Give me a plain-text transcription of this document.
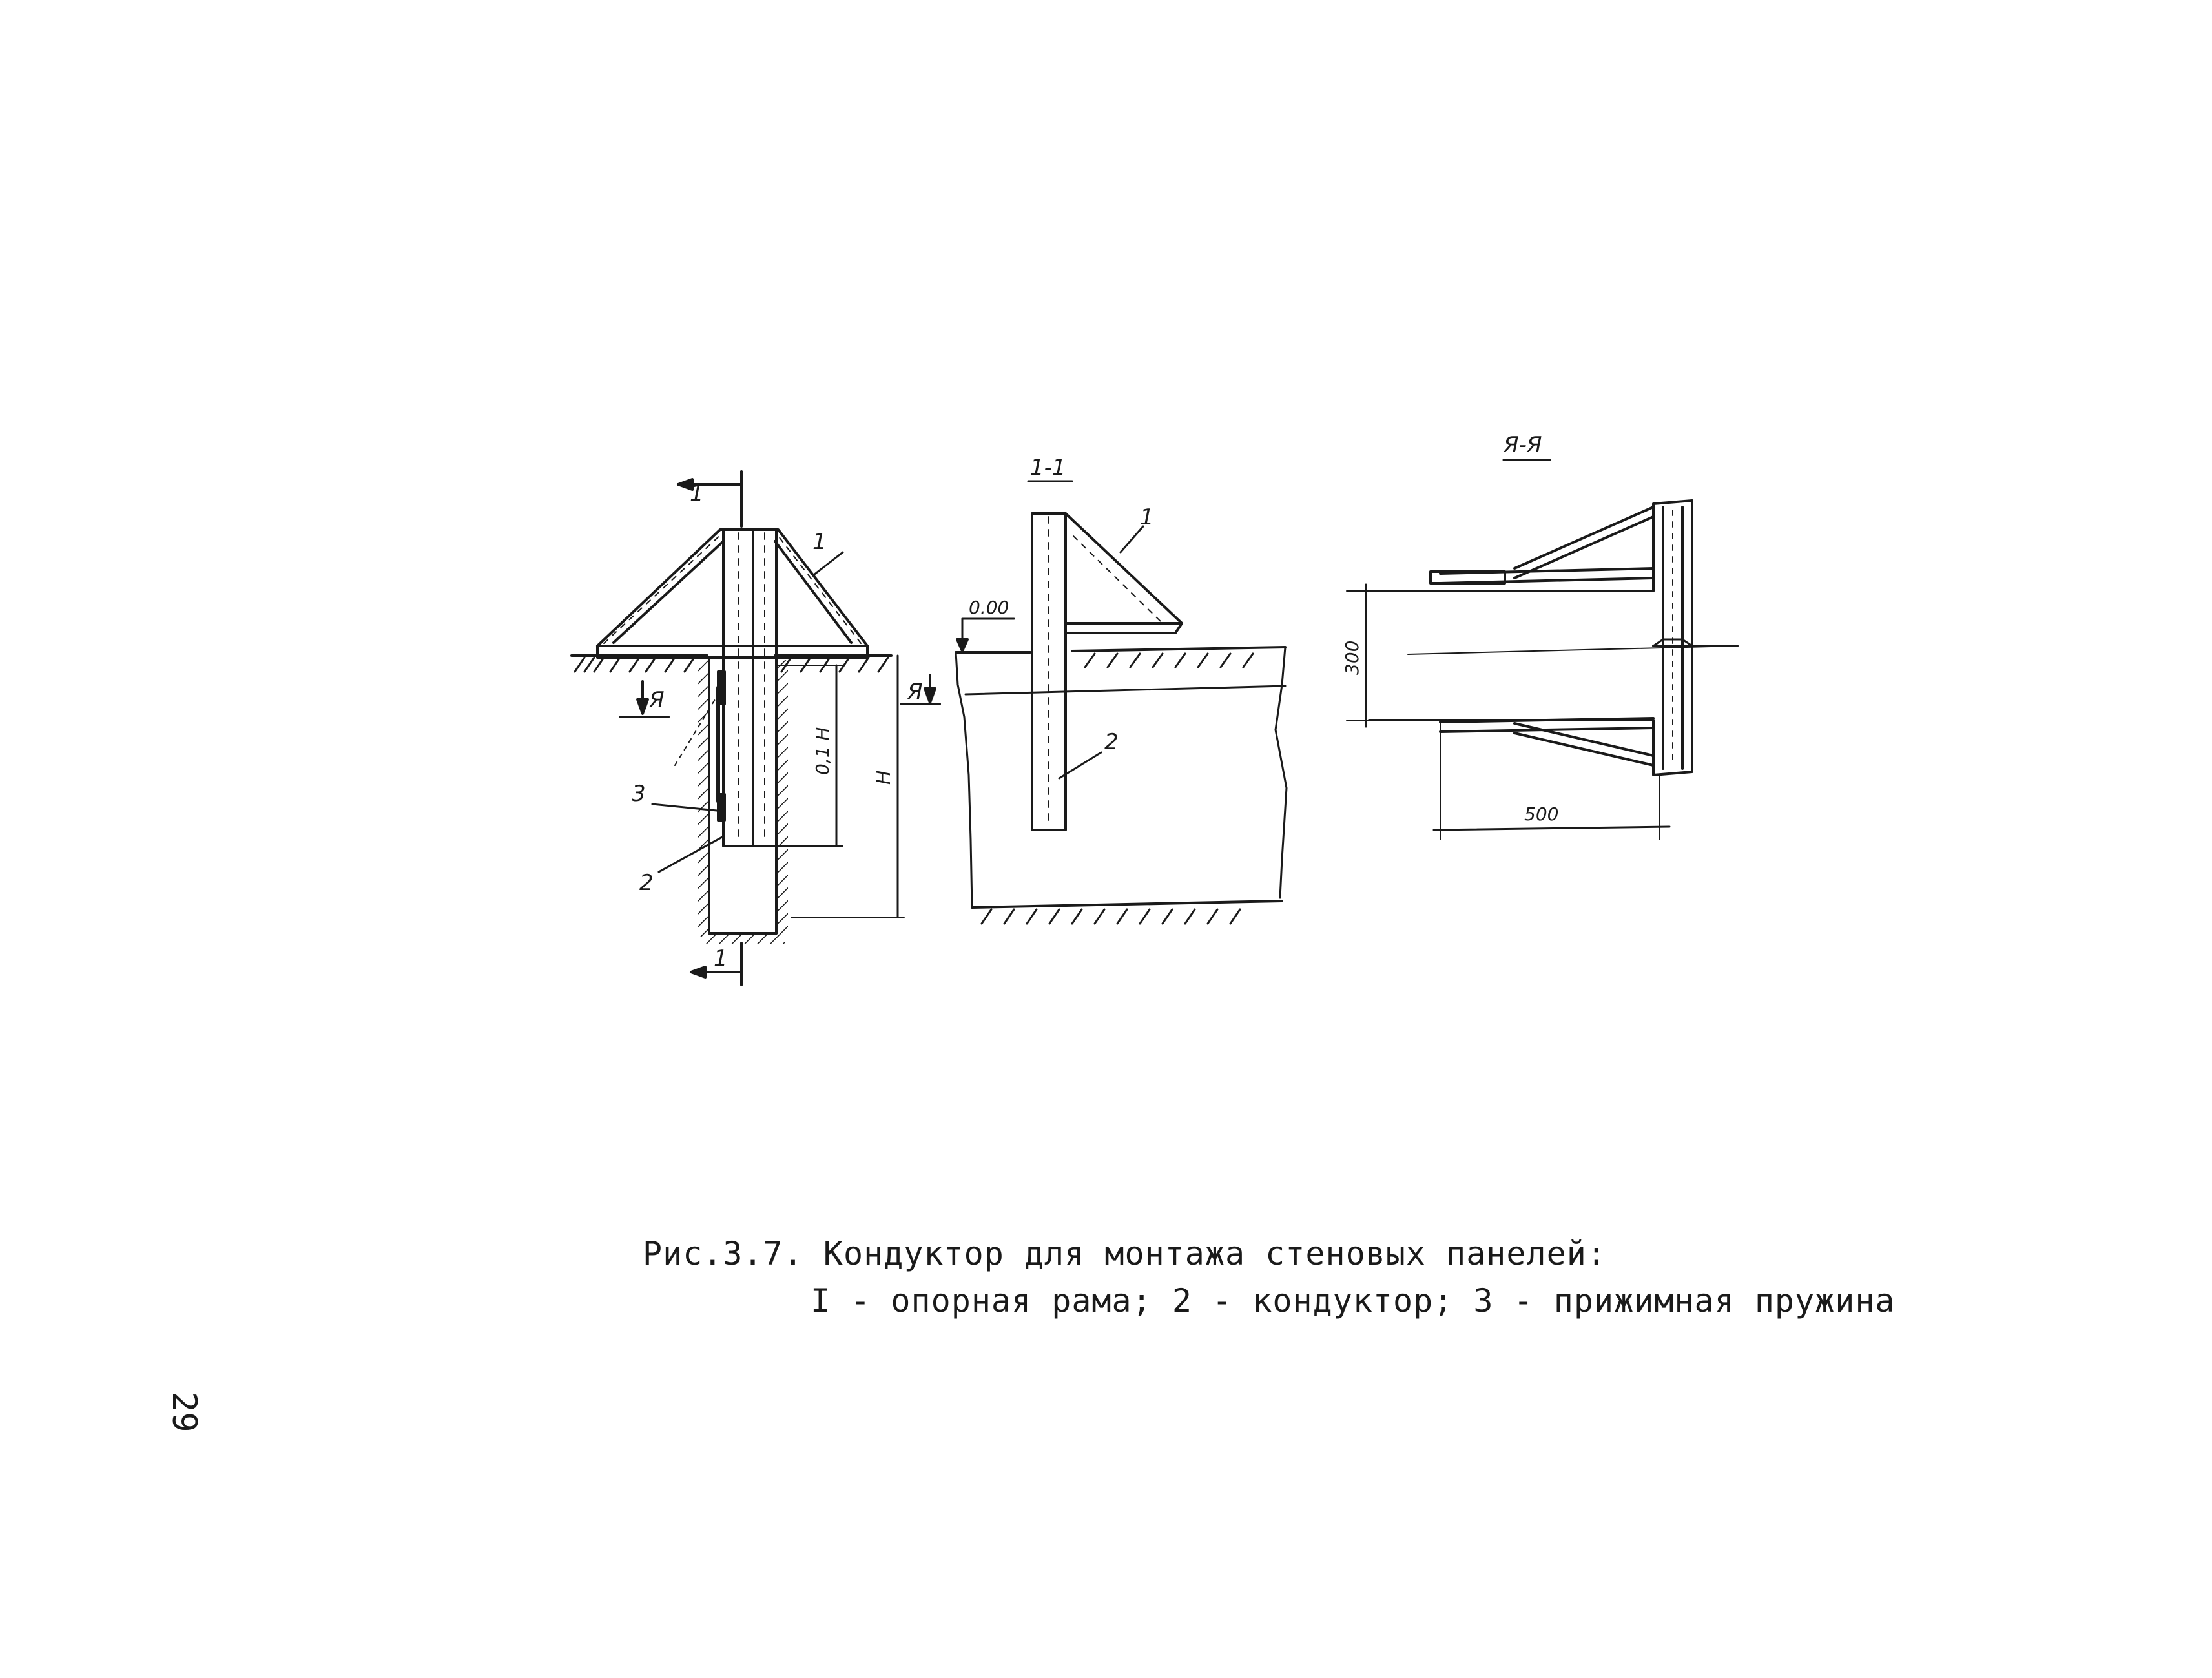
1
1
Я	Я
1
3
2
0,1 H
H
1-1
0.00
1
2
Я-Я
300
500
Рис.3.7. Кондуктор для монтажа стеновых панелей:
I - опорная рама; 2 - кондуктор; 3 - прижимная пружина
29
